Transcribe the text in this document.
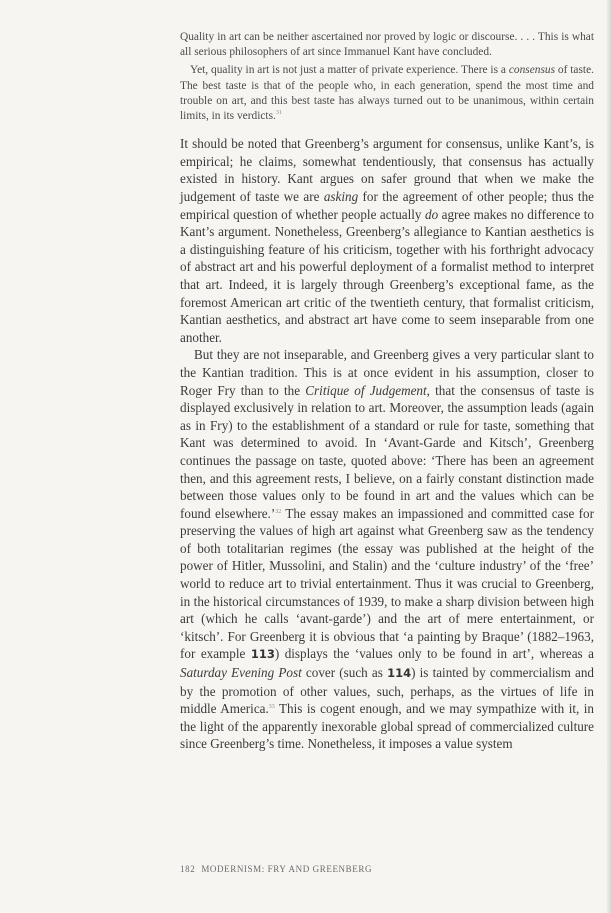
Quality in art can be neither ascertained nor proved by logic or discourse. . . . This is what all serious philosophers of art since Immanuel Kant have concluded.

Yet, quality in art is not just a matter of private experience. There is a consensus of taste. The best taste is that of the people who, in each generation, spend the most time and trouble on art, and this best taste has always turned out to be unanimous, within certain limits, in its verdicts.$^{31}$

It should be noted that Greenberg’s argument for consensus, unlike Kant’s, is empirical; he claims, somewhat tendentiously, that consensus has actually existed in history. Kant argues on safer ground that when we make the judgement of taste we are asking for the agreement of other people; thus the empirical question of whether people actually do agree makes no difference to Kant’s argument. Nonetheless, Greenberg’s allegiance to Kantian aesthetics is a distinguishing feature of his criticism, together with his forthright advocacy of abstract art and his powerful deployment of a formalist method to interpret that art. Indeed, it is largely through Greenberg’s exceptional fame, as the foremost American art critic of the twentieth century, that formalist criticism, Kantian aesthetics, and abstract art have come to seem inseparable from one another.

But they are not inseparable, and Greenberg gives a very particular slant to the Kantian tradition. This is at once evident in his assumption, closer to Roger Fry than to the Critique of Judgement, that the consensus of taste is displayed exclusively in relation to art. Moreover, the assumption leads (again as in Fry) to the establishment of a standard or rule for taste, something that Kant was determined to avoid. In ‘Avant-Garde and Kitsch’, Greenberg continues the passage on taste, quoted above: ‘There has been an agreement then, and this agreement rests, I believe, on a fairly constant distinction made between those values only to be found in art and the values which can be found elsewhere.’$^{32}$ The essay makes an impassioned and committed case for preserving the values of high art against what Greenberg saw as the tendency of both totalitarian regimes (the essay was published at the height of the power of Hitler, Mussolini, and Stalin) and the ‘culture industry’ of the ‘free’ world to reduce art to trivial entertainment. Thus it was crucial to Greenberg, in the historical circumstances of 1939, to make a sharp division between high art (which he calls ‘avant-garde’) and the art of mere entertainment, or ‘kitsch’. For Greenberg it is obvious that ‘a painting by Braque’ (1882–1963, for example 113) displays the ‘values only to be found in art’, whereas a Saturday Evening Post cover (such as 114) is tainted by commercialism and by the promotion of other values, such, perhaps, as the virtues of life in middle America.$^{33}$ This is cogent enough, and we may sympathize with it, in the light of the apparently inexorable global spread of commercialized culture since Greenberg’s time. Nonetheless, it imposes a value system

182 MODERNISM: FRY AND GREENBERG
